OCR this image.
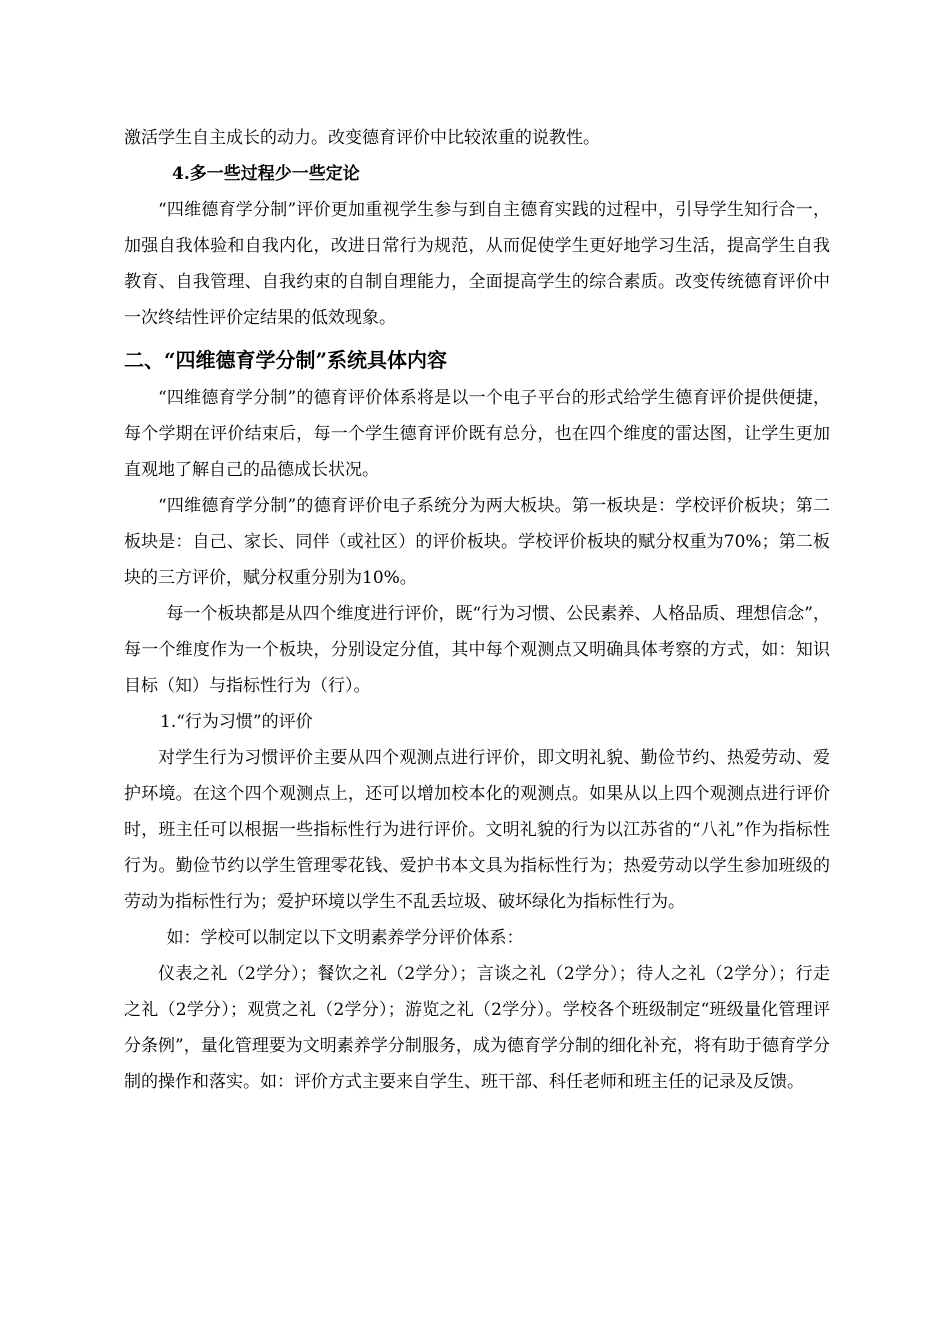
激活学生自主成长的动力。改变德育评价中比较浓重的说教性。

4.多一些过程少一些定论

“四维德育学分制”评价更加重视学生参与到自主德育实践的过程中，引导学生知行合一，加强自我体验和自我内化，改进日常行为规范，从而促使学生更好地学习生活，提高学生自我教育、自我管理、自我约束的自制自理能力，全面提高学生的综合素质。改变传统德育评价中一次终结性评价定结果的低效现象。

二、“四维德育学分制”系统具体内容

“四维德育学分制”的德育评价体系将是以一个电子平台的形式给学生德育评价提供便捷，每个学期在评价结束后，每一个学生德育评价既有总分，也在四个维度的雷达图，让学生更加直观地了解自己的品德成长状况。

“四维德育学分制”的德育评价电子系统分为两大板块。第一板块是：学校评价板块；第二板块是：自己、家长、同伴（或社区）的评价板块。学校评价板块的赋分权重为70%；第二板块的三方评价，赋分权重分别为10%。

每一个板块都是从四个维度进行评价，既“行为习惯、公民素养、人格品质、理想信念”，每一个维度作为一个板块，分别设定分值，其中每个观测点又明确具体考察的方式，如：知识目标（知）与指标性行为（行）。

1.“行为习惯”的评价

对学生行为习惯评价主要从四个观测点进行评价，即文明礼貌、勤俭节约、热爱劳动、爱护环境。在这个四个观测点上，还可以增加校本化的观测点。如果从以上四个观测点进行评价时，班主任可以根据一些指标性行为进行评价。文明礼貌的行为以江苏省的“八礼”作为指标性行为。勤俭节约以学生管理零花钱、爱护书本文具为指标性行为；热爱劳动以学生参加班级的劳动为指标性行为；爱护环境以学生不乱丢垃圾、破坏绿化为指标性行为。

如：学校可以制定以下文明素养学分评价体系：

仪表之礼（2学分）；餐饮之礼（2学分）；言谈之礼（2学分）；待人之礼（2学分）；行走之礼（2学分）；观赏之礼（2学分）；游览之礼（2学分）。学校各个班级制定“班级量化管理评分条例”，量化管理要为文明素养学分制服务，成为德育学分制的细化补充，将有助于德育学分制的操作和落实。如：评价方式主要来自学生、班干部、科任老师和班主任的记录及反馈。
